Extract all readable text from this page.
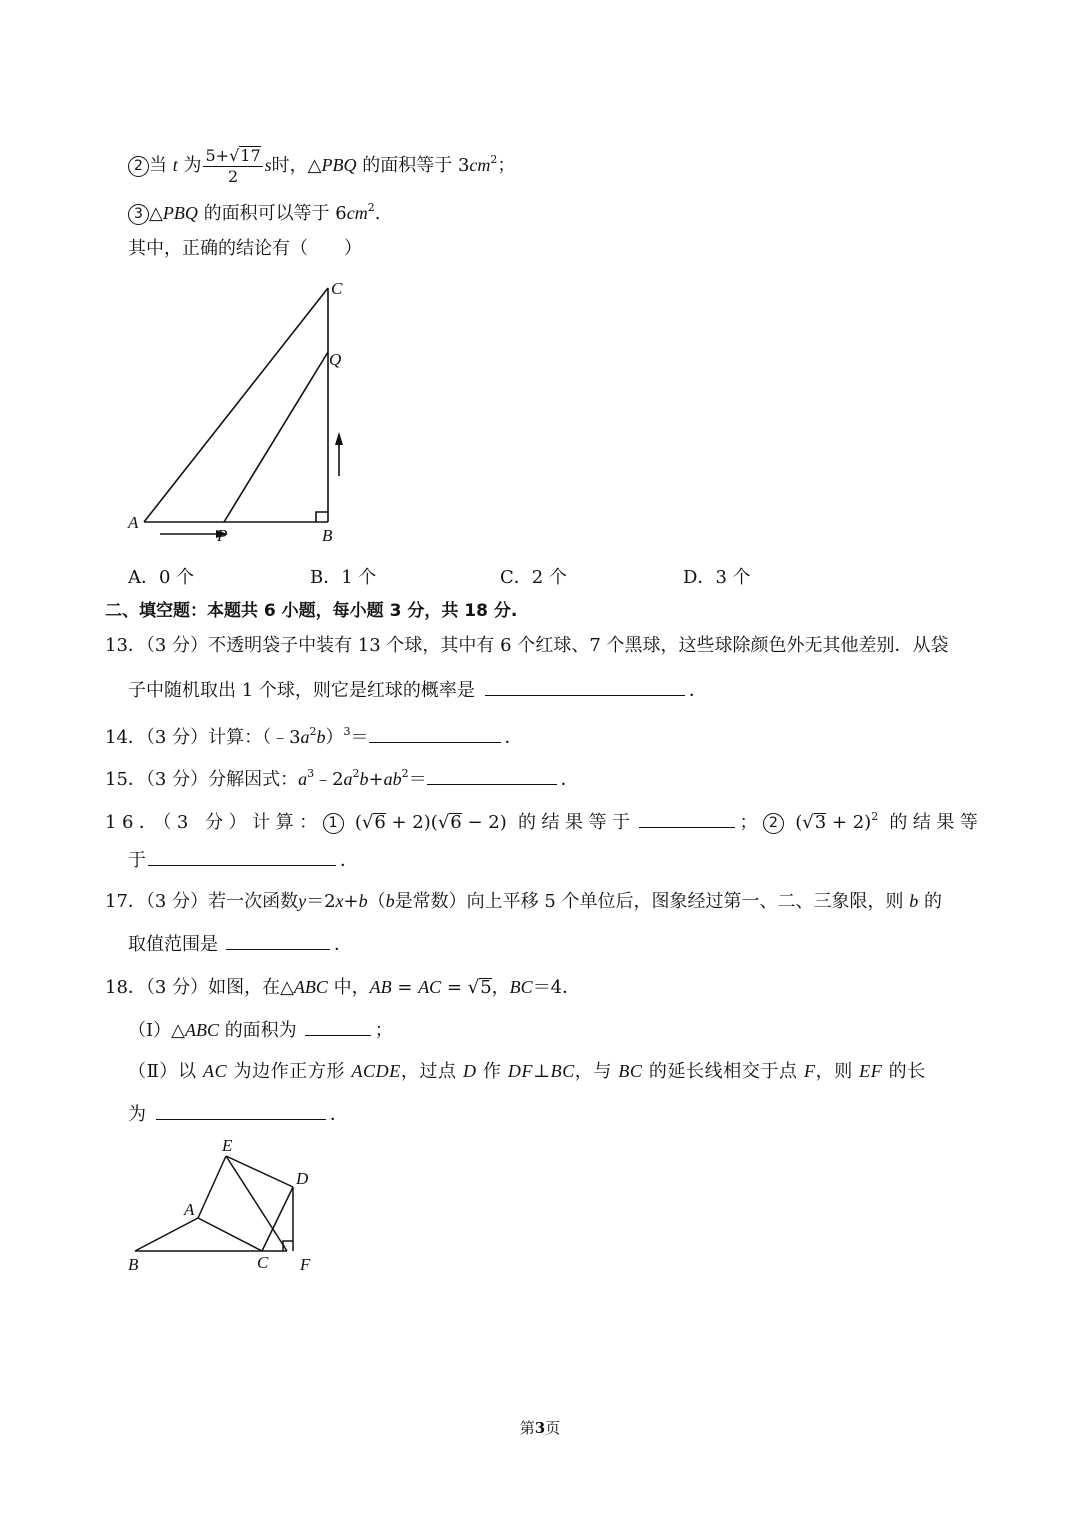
2 当 t 为 $\frac{5+√17}{2}$ s时，△PBQ 的面积等于 $3cm^2$；
3 △PBQ 的面积可以等于 $6cm^2$.
其中，正确的结论有（　　）
A
P	B
C
Q
A．0 个	B．1 个	C．2 个	D．3 个
二、填空题：本题共 6 小题，每小题 3 分，共 18 分.
13．（3 分）不透明袋子中装有 13 个球，其中有 6 个红球、7 个黑球，这些球除颜色外无其他差别．从袋
子中随机取出 1 个球，则它是红球的概率是	．
14．（3 分）计算：$(﹣3a^2b)^3=$	．
15．（3 分）分解因式：$a^3﹣2a^2b+ab^2=$	．
16．（3 分）计算： 1 (√6 + 2)(√6 − 2) 的结果等于	； 2 $(√3 + 2)^2$ 的结果等
于	．
17．（3 分）若一次函数y＝2x+b（b是常数）向上平移 5 个单位后，图象经过第一、二、三象限，则 b 的
取值范围是	．
18．（3 分）如图，在△ABC 中，AB = AC = √5，BC＝4．
（Ⅰ）△ABC 的面积为	；
（Ⅱ）以 AC 为边作正方形 ACDE，过点 D 作 DF⊥BC，与 BC 的延长线相交于点 F，则 EF 的长
为	．
B
A
C F
E
D
第3页
